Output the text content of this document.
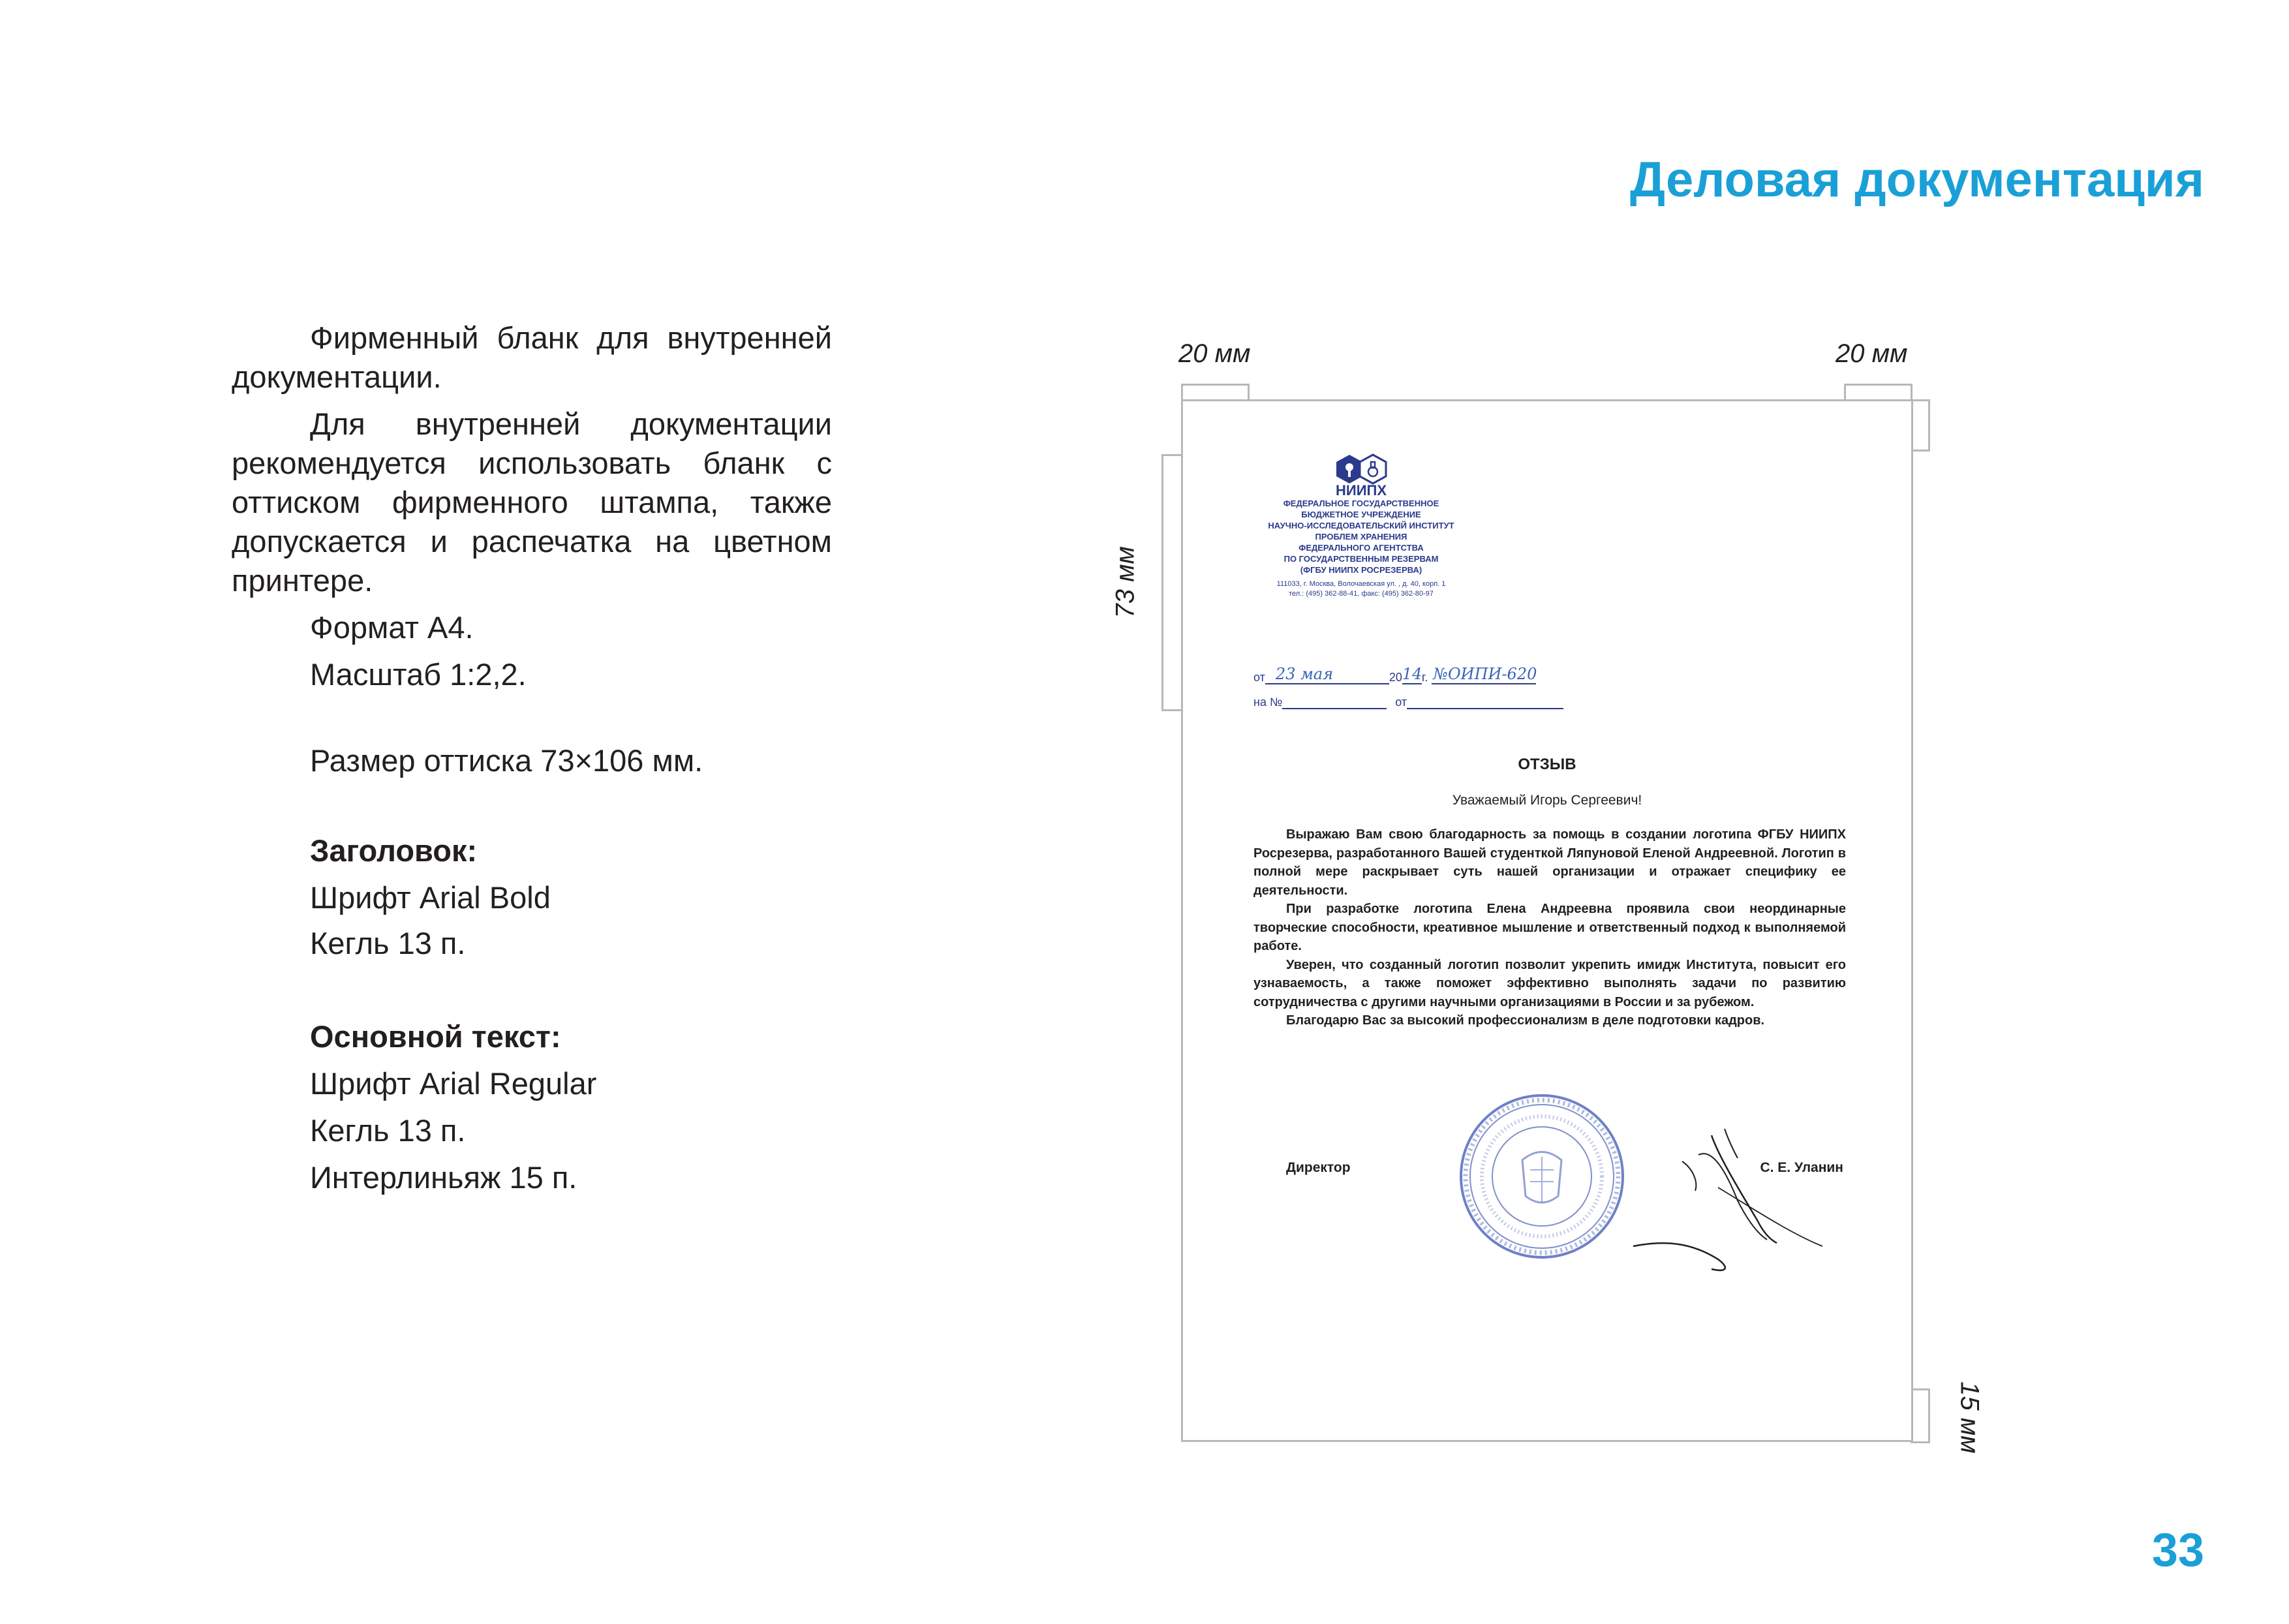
Деловая документация

Фирменный бланк для внутренней документации.

Для внутренней документации рекомендуется использовать бланк с оттиском фирменного штампа, также допускается и распечатка на цветном принтере.

Формат А4.

Масштаб 1:2,2.

Размер оттиска 73×106 мм.

Заголовок:

Шрифт Arial Bold

Кегль 13 п.

Основной текст:

Шрифт Arial Regular

Кегль 13 п.

Интерлиньяж 15 п.

20 мм	20 мм
73 мм
15 мм
НИИПХ
ФЕДЕРАЛЬНОЕ ГОСУДАРСТВЕННОЕ
БЮДЖЕТНОЕ УЧРЕЖДЕНИЕ
НАУЧНО-ИССЛЕДОВАТЕЛЬСКИЙ ИНСТИТУТ
ПРОБЛЕМ ХРАНЕНИЯ
ФЕДЕРАЛЬНОГО АГЕНТСТВА
ПО ГОСУДАРСТВЕННЫМ РЕЗЕРВАМ
(ФГБУ НИИПХ РОСРЕЗЕРВА)
111033, г. Москва, Волочаевская ул. , д. 40, корп. 1
тел.: (495) 362-88-41, факс: (495) 362-80-97
от 23 мая	20 14 г. №ОИПИ-620
на №	от
ОТЗЫВ
Уважаемый Игорь Сергеевич!

Выражаю Вам свою благодарность за помощь в создании логотипа ФГБУ НИИПХ Росрезерва, разработанного Вашей студенткой Ляпуновой Еленой Андреевной. Логотип в полной мере раскрывает суть нашей организации и отражает специфику ее деятельности.

При разработке логотипа Елена Андреевна проявила свои неординарные творческие способности, креативное мышление и ответственный подход к выполняемой работе.

Уверен, что созданный логотип позволит укрепить имидж Института, повысит его узнаваемость, а также поможет эффективно выполнять задачи по развитию сотрудничества с другими научными организациями в России и за рубежом.

Благодарю Вас за высокий профессионализм в деле подготовки кадров.

Директор	С. Е. Уланин
33
